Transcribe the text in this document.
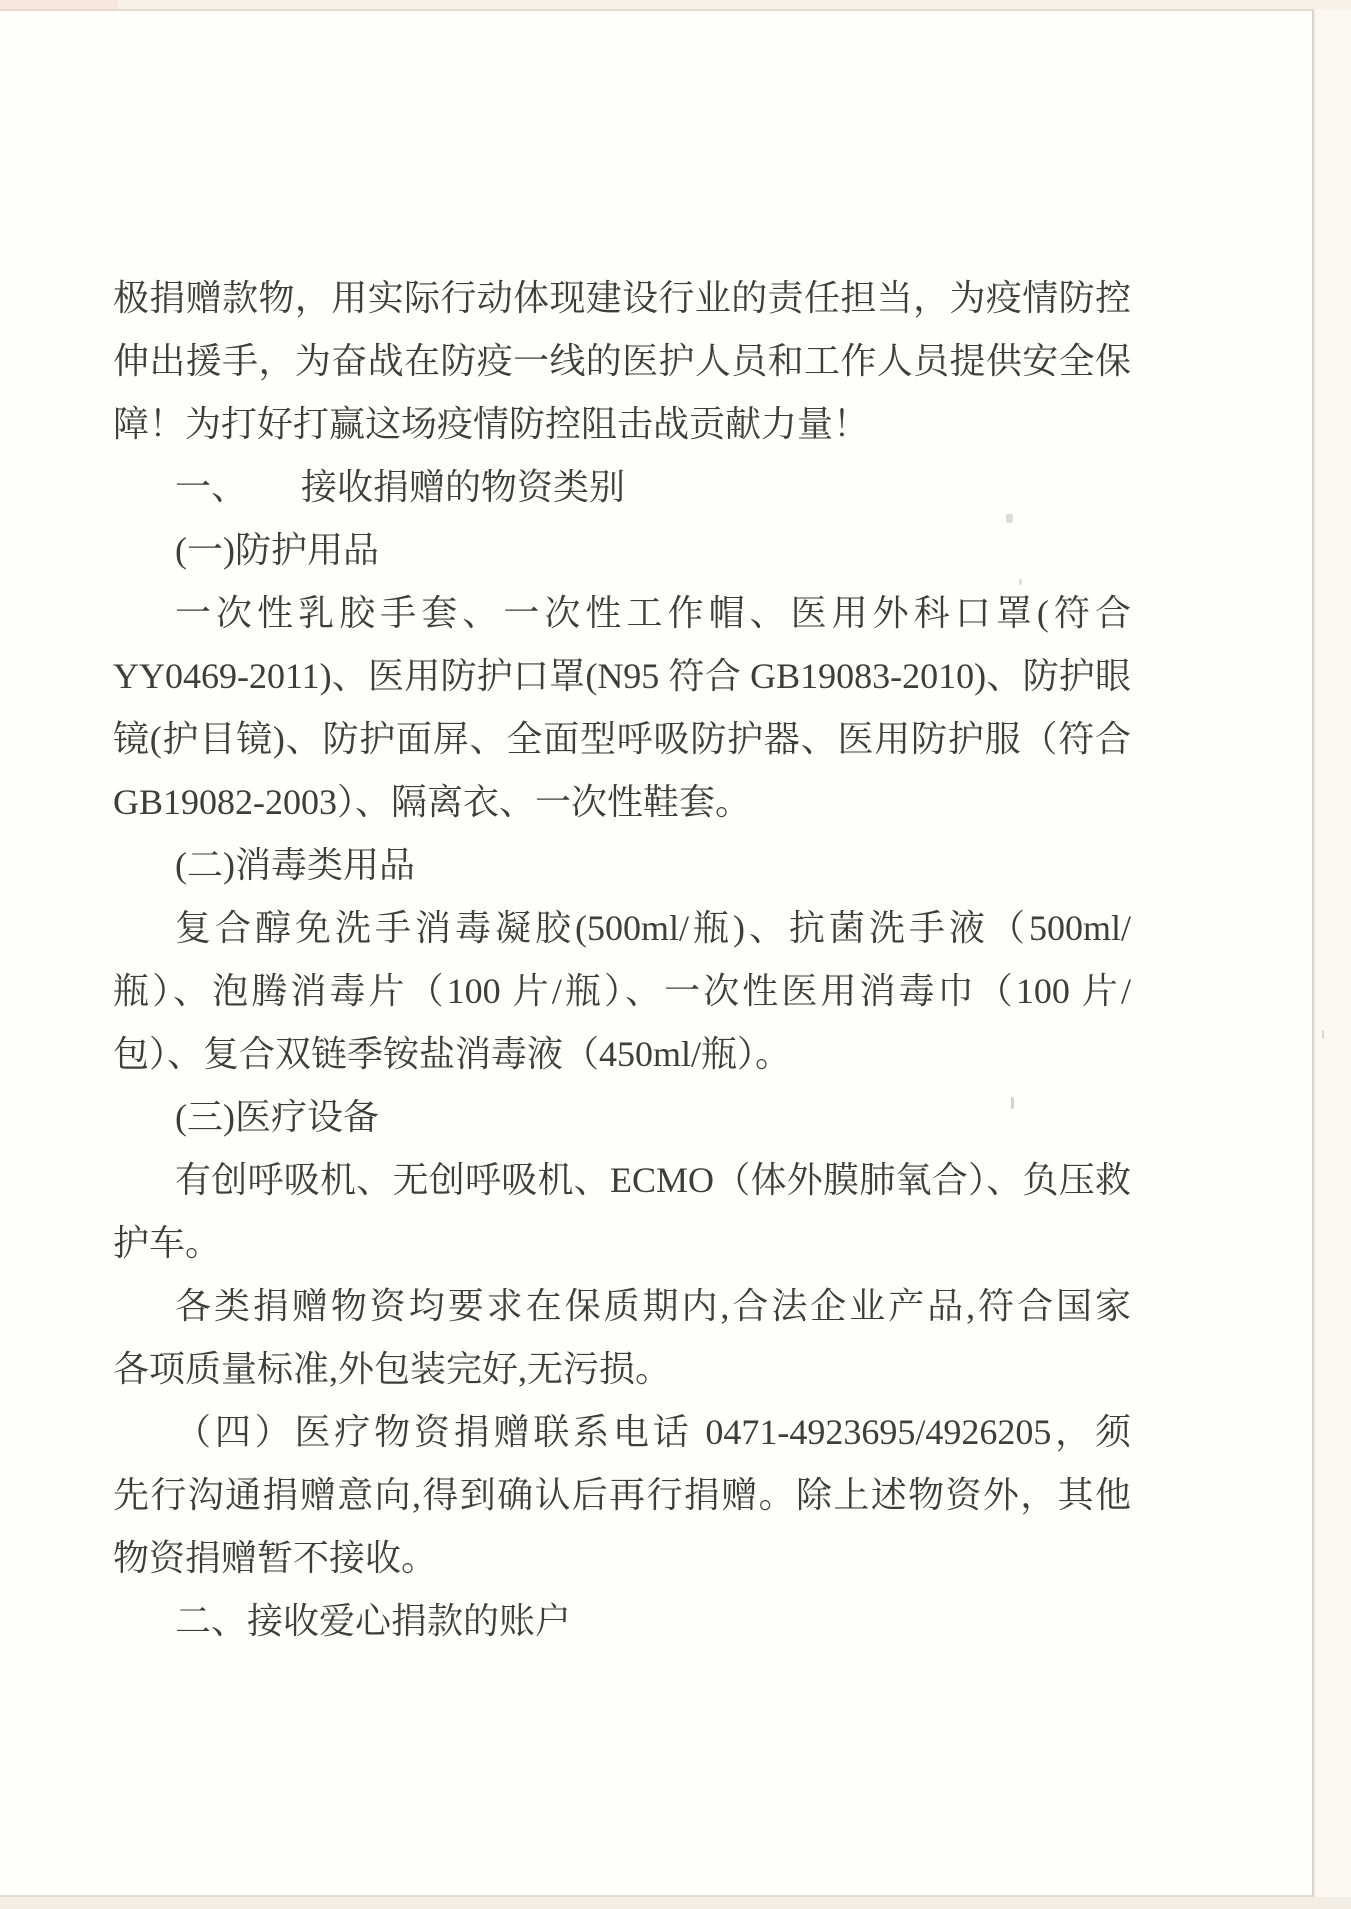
极捐赠款物，用实际行动体现建设行业的责任担当，为疫情防控

伸出援手，为奋战在防疫一线的医护人员和工作人员提供安全保

障！为打好打赢这场疫情防控阻击战贡献力量！

一、　　接收捐赠的物资类别

(一)防护用品

一次性乳胶手套、一次性工作帽、医用外科口罩(符合

YY0469-2011)、医用防护口罩(N95 符合 GB19083-2010)、防护眼

镜(护目镜)、防护面屏、全面型呼吸防护器、医用防护服（符合

GB19082-2003）、隔离衣、一次性鞋套。

(二)消毒类用品

复合醇免洗手消毒凝胶(500ml/瓶)、抗菌洗手液（500ml/

瓶）、泡腾消毒片（100 片/瓶）、一次性医用消毒巾（100 片/

包）、复合双链季铵盐消毒液（450ml/瓶）。

(三)医疗设备

有创呼吸机、无创呼吸机、ECMO（体外膜肺氧合）、负压救

护车。

各类捐赠物资均要求在保质期内,合法企业产品,符合国家

各项质量标准,外包装完好,无污损。

（四）医疗物资捐赠联系电话 0471-4923695/4926205，须

先行沟通捐赠意向,得到确认后再行捐赠。除上述物资外，其他

物资捐赠暂不接收。

二、接收爱心捐款的账户
